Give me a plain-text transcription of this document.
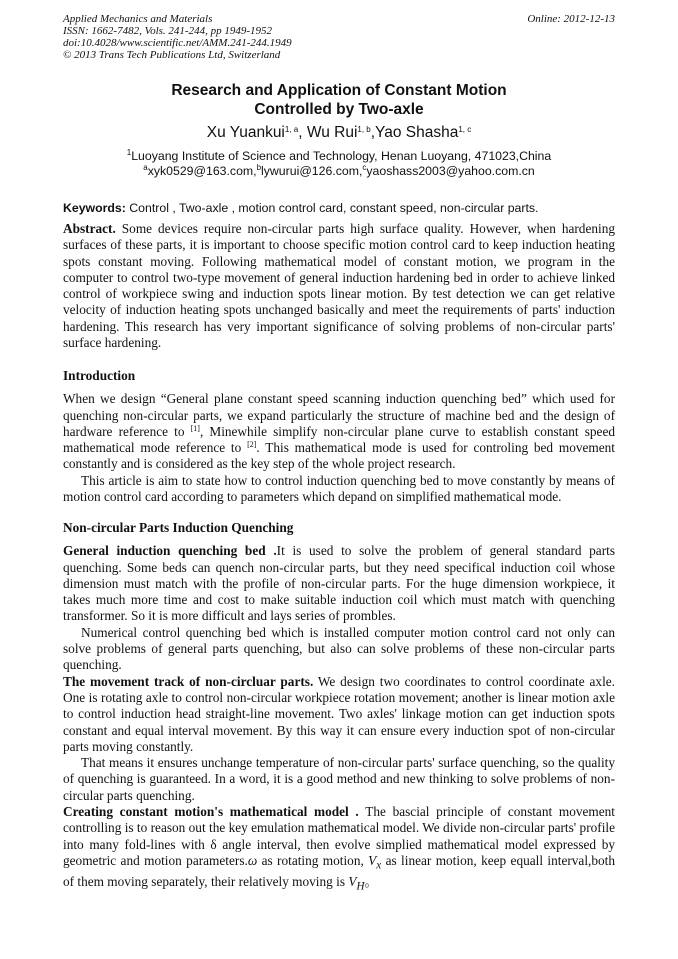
Applied Mechanics and Materials
ISSN: 1662-7482, Vols. 241-244, pp 1949-1952
doi:10.4028/www.scientific.net/AMM.241-244.1949
© 2013 Trans Tech Publications Ltd, Switzerland
Online: 2012-12-13
Research and Application of Constant Motion
Controlled by Two-axle
Xu Yuankui$^{1, a}$, Wu Rui$^{1, b}$,Yao Shasha$^{1, c}$
$^1$Luoyang Institute of Science and Technology, Henan Luoyang, 471023,China
$^a$xyk0529@163.com,$^b$lywurui@126.com,$^c$yaoshass2003@yahoo.com.cn
Keywords: Control , Two-axle , motion control card, constant speed, non-circular parts.

Abstract. Some devices require non-circular parts high surface quality. However, when hardening surfaces of these parts, it is important to choose specific motion control card to keep induction heating spots constant moving. Following mathematical model of constant motion, we program in the computer to control two-type movement of general induction hardening bed in order to achieve linked control of workpiece swing and induction spots linear motion. By test detection we can get relative velocity of induction heating spots unchanged basically and meet the requirements of parts' induction hardening. This research has very important significance of solving problems of non-circular parts' surface hardening.

Introduction

When we design “General plane constant speed scanning induction quenching bed” which used for quenching non-circular parts, we expand particularly the structure of machine bed and the design of hardware reference to [1], Minewhile simplify non-circular plane curve to establish constant speed mathematical mode reference to [2]. This mathematical mode is used for controling bed movement constantly and is considered as the key step of the whole project research.

This article is aim to state how to control induction quenching bed to move constantly by means of motion control card according to parameters which depand on simplified mathematical mode.

Non-circular Parts Induction Quenching

General induction quenching bed .It is used to solve the problem of general standard parts quenching. Some beds can quench non-circular parts, but they need specifical induction coil whose dimension must match with the profile of non-circular parts. For the huge dimension workpiece, it takes much more time and cost to make suitable induction coil which must match with quenching transformer. So it is more difficult and lays series of prombles.

Numerical control quenching bed which is installed computer motion control card not only can solve problems of general parts quenching, but also can solve problems of these non-circular parts quenching.

The movement track of non-circluar parts. We design two coordinates to control coordinate axle. One is rotating axle to control non-circular workpiece rotation movement; another is linear motion axle to control induction head straight-line movement. Two axles' linkage motion can get induction spots constant and equal interval movement. By this way it can ensure every induction spot of non-circular parts moving constantly.

That means it ensures unchange temperature of non-circular parts' surface quenching, so the quality of quenching is guaranteed. In a word, it is a good method and new thinking to solve problems of non-circular parts quenching.

Creating constant motion's mathematical model . The bascial principle of constant movement controlling is to reason out the key emulation mathematical model. We divide non-circular parts' profile into many fold-lines with δ angle interval, then evolve simplied mathematical model expressed by geometric and motion parameters.ω as rotating motion, $V_x$ as linear motion, keep equall interval,both of them moving separately, their relatively moving is $V_H$。
